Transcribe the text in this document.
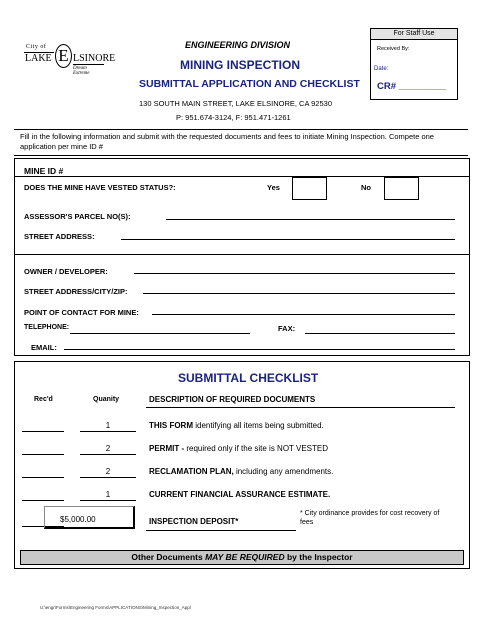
City of
LAKE E LSINORE
Dream Extreme
ENGINEERING DIVISION
MINING INSPECTION
SUBMITTAL APPLICATION AND CHECKLIST
130 SOUTH MAIN STREET, LAKE ELSINORE, CA 92530
P: 951.674-3124, F: 951.471-1261
For Staff Use
Received By:
Date:
CR# _________
Fill in the following information and submit with the requested documents and fees to initiate Mining Inspection. Compete one application per mine ID #
MINE ID #
DOES THE MINE HAVE VESTED STATUS?:	Yes	No
ASSESSOR'S PARCEL NO(S):
STREET ADDRESS:
OWNER / DEVELOPER:
STREET ADDRESS/CITY/ZIP:
POINT OF CONTACT FOR MINE:
TELEPHONE:	FAX:
EMAIL:
SUBMITTAL CHECKLIST
Rec'd	Quanity	DESCRIPTION OF REQUIRED DOCUMENTS
1	THIS FORM identifying all items being submitted.
2	PERMIT - required only if the site is NOT VESTED
2	RECLAMATION PLAN, including any amendments.
1	CURRENT FINANCIAL ASSURANCE ESTIMATE.
$5,000.00	INSPECTION DEPOSIT*
* City ordinance provides for cost recovery of fees
Other Documents MAY BE REQUIRED by the Inspector
U:\engr\Forms\Engineering Forms\APPLICATIONS\Mining_Inspection_Appl
